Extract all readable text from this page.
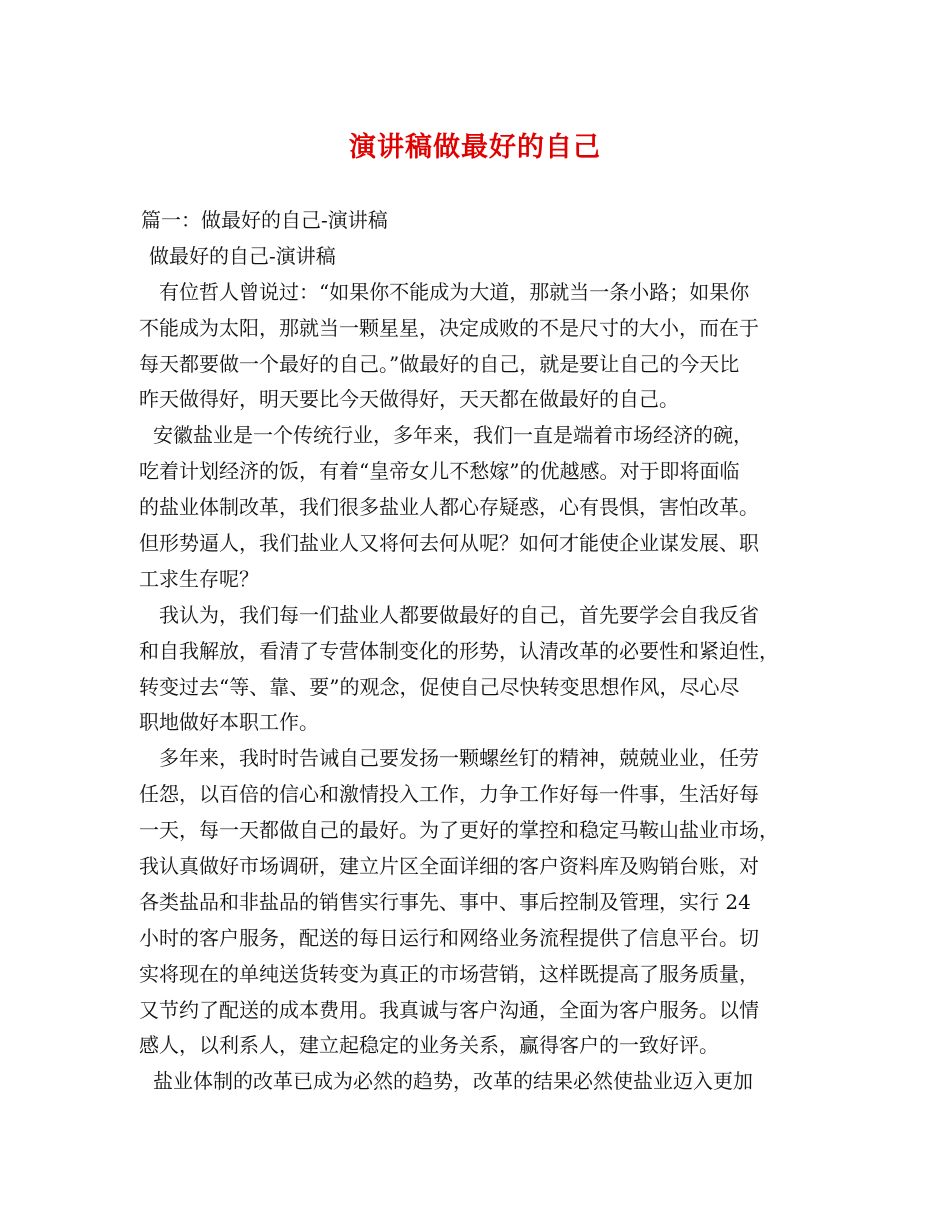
演讲稿做最好的自己
篇一：做最好的自己-演讲稿
做最好的自己-演讲稿
有位哲人曾说过：“如果你不能成为大道，那就当一条小路；如果你
不能成为太阳，那就当一颗星星，决定成败的不是尺寸的大小，而在于
每天都要做一个最好的自己。”做最好的自己，就是要让自己的今天比
昨天做得好，明天要比今天做得好，天天都在做最好的自己。
安徽盐业是一个传统行业，多年来，我们一直是端着市场经济的碗，
吃着计划经济的饭，有着“皇帝女儿不愁嫁”的优越感。对于即将面临
的盐业体制改革，我们很多盐业人都心存疑惑，心有畏惧，害怕改革。
但形势逼人，我们盐业人又将何去何从呢？如何才能使企业谋发展、职
工求生存呢？
我认为，我们每一们盐业人都要做最好的自己，首先要学会自我反省
和自我解放，看清了专营体制变化的形势，认清改革的必要性和紧迫性，
转变过去“等、靠、要”的观念，促使自己尽快转变思想作风，尽心尽
职地做好本职工作。
多年来，我时时告诫自己要发扬一颗螺丝钉的精神，兢兢业业，任劳
任怨，以百倍的信心和激情投入工作，力争工作好每一件事，生活好每
一天，每一天都做自己的最好。为了更好的掌控和稳定马鞍山盐业市场，
我认真做好市场调研，建立片区全面详细的客户资料库及购销台账，对
各类盐品和非盐品的销售实行事先、事中、事后控制及管理，实行 24
小时的客户服务，配送的每日运行和网络业务流程提供了信息平台。切
实将现在的单纯送货转变为真正的市场营销，这样既提高了服务质量，
又节约了配送的成本费用。我真诚与客户沟通，全面为客户服务。以情
感人，以利系人，建立起稳定的业务关系，赢得客户的一致好评。
盐业体制的改革已成为必然的趋势，改革的结果必然使盐业迈入更加
